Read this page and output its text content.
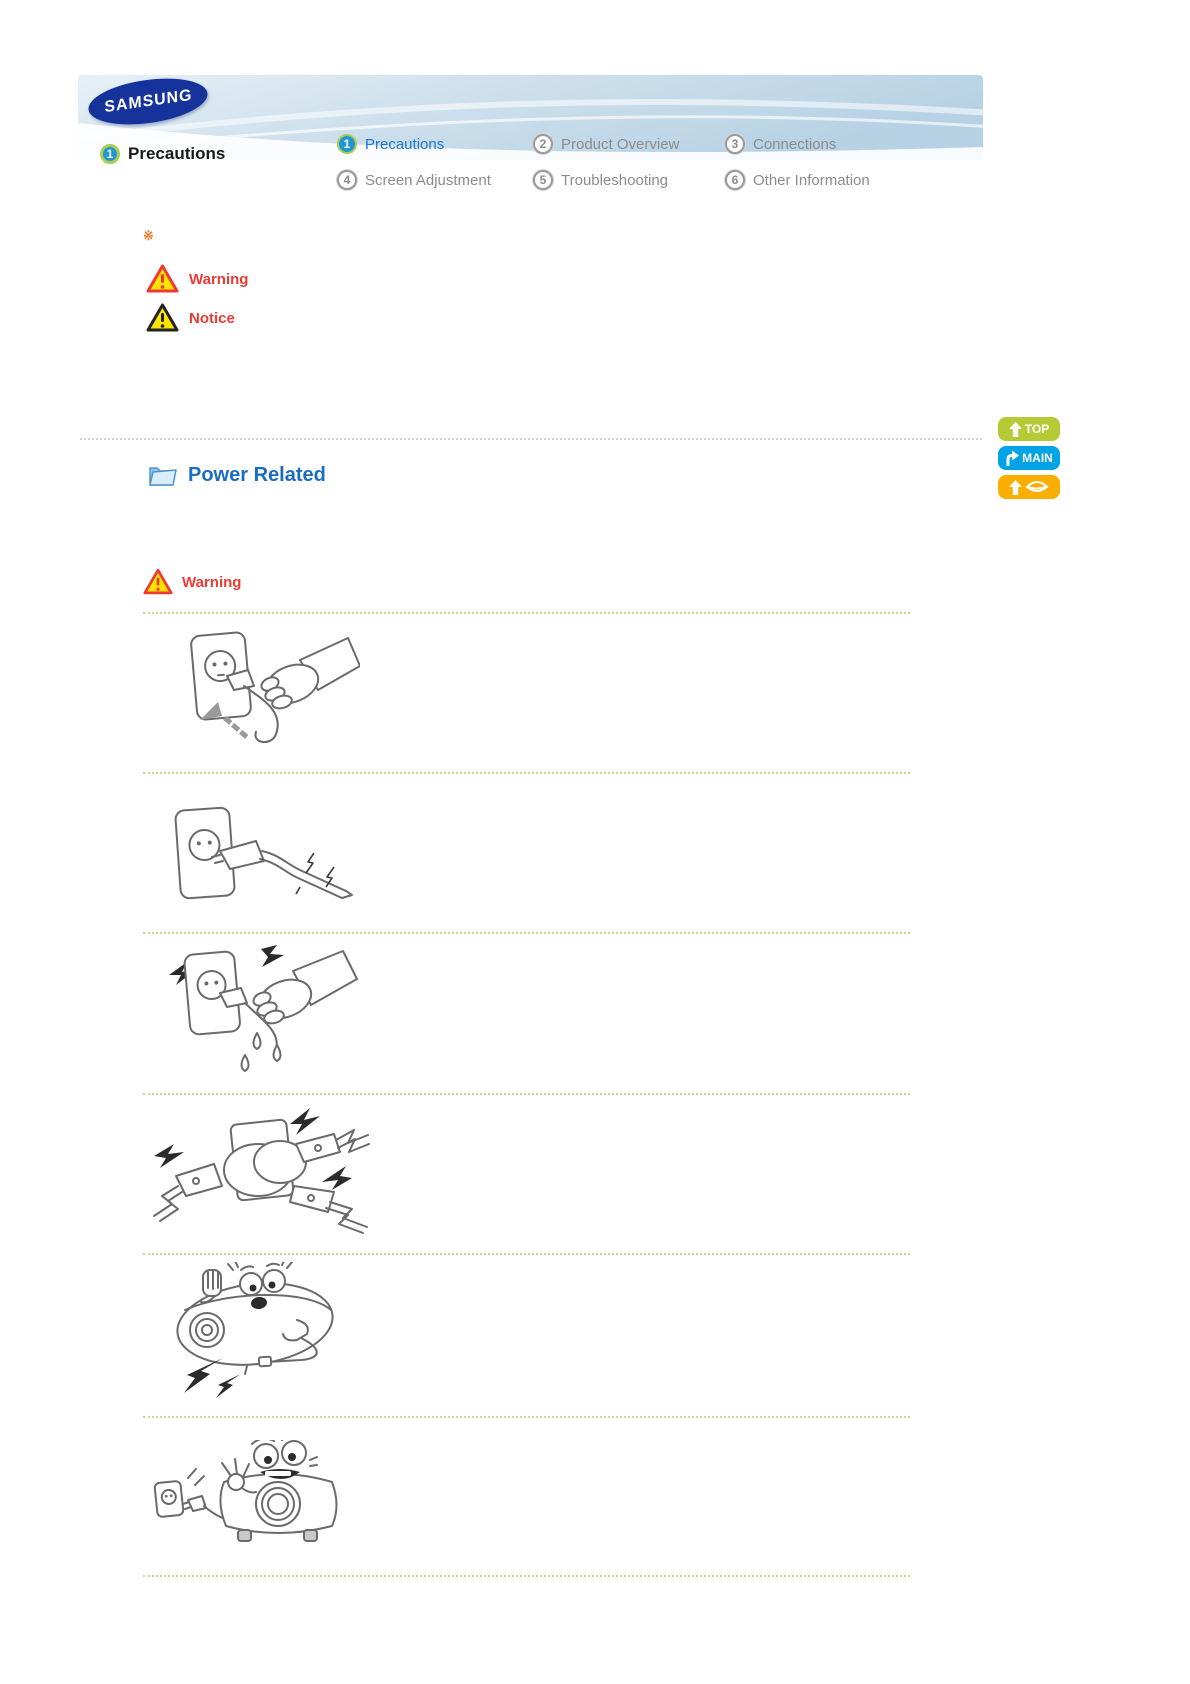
SAMSUNG
1 Precautions	1 Precautions	2 Product Overview	3 Connections
4 Screen Adjustment	5 Troubleshooting	6 Other Information
※
Warning
Notice
TOP
MAIN
Power Related
Warning
